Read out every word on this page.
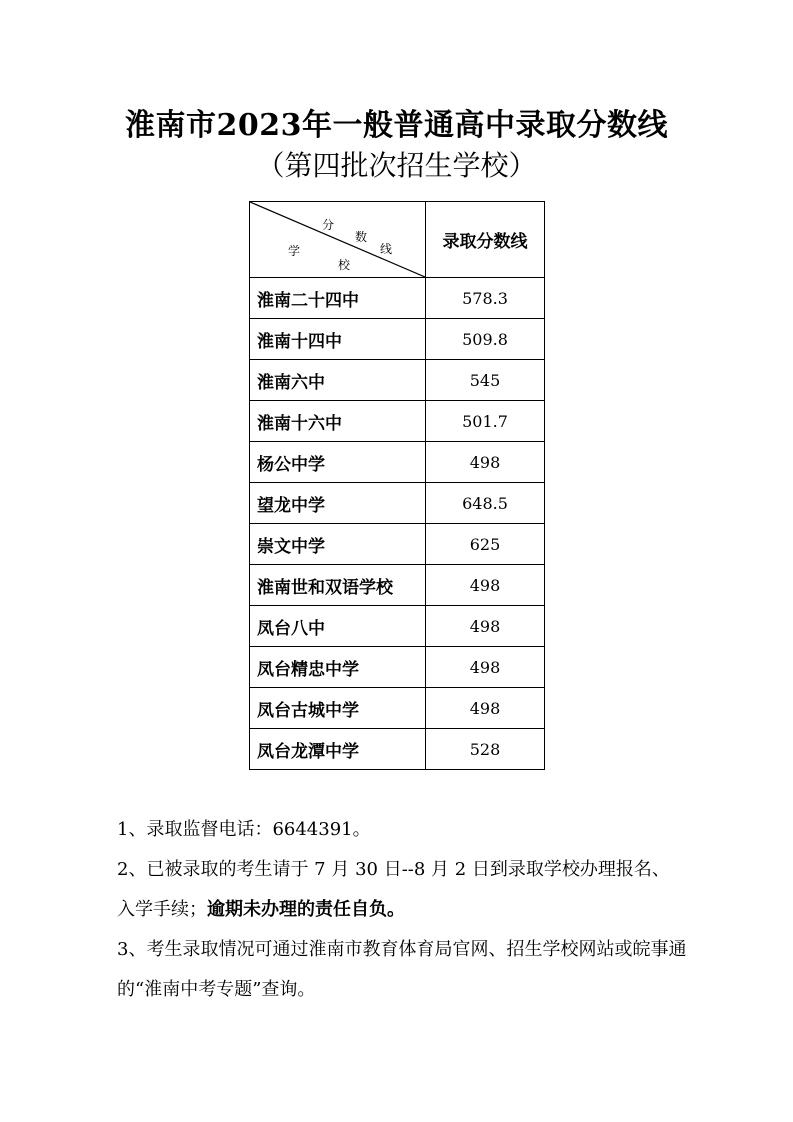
淮南市2023年一般普通高中录取分数线
（第四批次招生学校）
分
数
线
学
校	录取分数线
淮南二十四中	578.3
淮南十四中	509.8
淮南六中	545
淮南十六中	501.7
杨公中学	498
望龙中学	648.5
崇文中学	625
淮南世和双语学校	498
凤台八中	498
凤台精忠中学	498
凤台古城中学	498
凤台龙潭中学	528

1、录取监督电话：6644391。

2、已被录取的考生请于 7 月 30 日--8 月 2 日到录取学校办理报名、入学手续；逾期未办理的责任自负。

3、考生录取情况可通过淮南市教育体育局官网、招生学校网站或皖事通的“淮南中考专题”查询。
